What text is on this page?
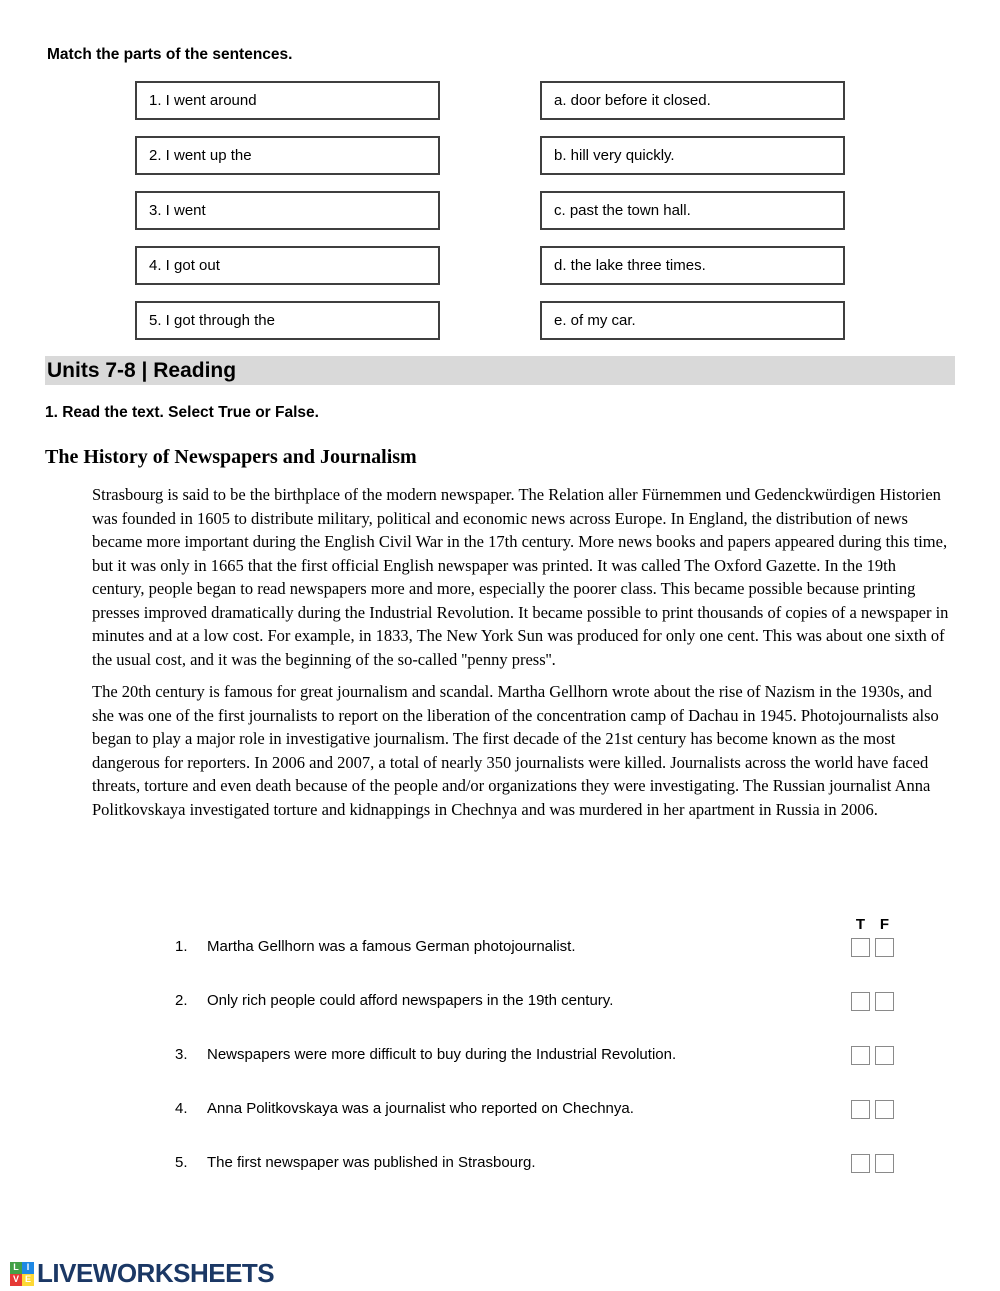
Match the parts of the sentences.
1. I went around	a. door before it closed.
2. I went up the	b. hill very quickly.
3. I went	c. past the town hall.
4. I got out	d. the lake three times.
5. I got through the	e. of my car.
Units 7-8 | Reading
1. Read the text. Select True or False.
The History of Newspapers and Journalism

Strasbourg is said to be the birthplace of the modern newspaper. The Relation aller Fürnemmen und Gedenckwürdigen Historien was founded in 1605 to distribute military, political and economic news across Europe. In England, the distribution of news became more important during the English Civil War in the 17th century. More news books and papers appeared during this time, but it was only in 1665 that the first official English newspaper was printed. It was called The Oxford Gazette. In the 19th century, people began to read newspapers more and more, especially the poorer class. This became possible because printing presses improved dramatically during the Industrial Revolution. It became possible to print thousands of copies of a newspaper in minutes and at a low cost. For example, in 1833, The New York Sun was produced for only one cent. This was about one sixth of the usual cost, and it was the beginning of the so-called ''penny press''.

The 20th century is famous for great journalism and scandal. Martha Gellhorn wrote about the rise of Nazism in the 1930s, and she was one of the first journalists to report on the liberation of the concentration camp of Dachau in 1945. Photojournalists also began to play a major role in investigative journalism. The first decade of the 21st century has become known as the most dangerous for reporters. In 2006 and 2007, a total of nearly 350 journalists were killed. Journalists across the world have faced threats, torture and even death because of the people and/or organizations they were investigating. The Russian journalist Anna Politkovskaya investigated torture and kidnappings in Chechnya and was murdered in her apartment in Russia in 2006.

T F
1.	Martha Gellhorn was a famous German photojournalist.
2.	Only rich people could afford newspapers in the 19th century.
3.	Newspapers were more difficult to buy during the Industrial Revolution.
4.	Anna Politkovskaya was a journalist who reported on Chechnya.
5.	The first newspaper was published in Strasbourg.
L I
V E LIVEWORKSHEETS
